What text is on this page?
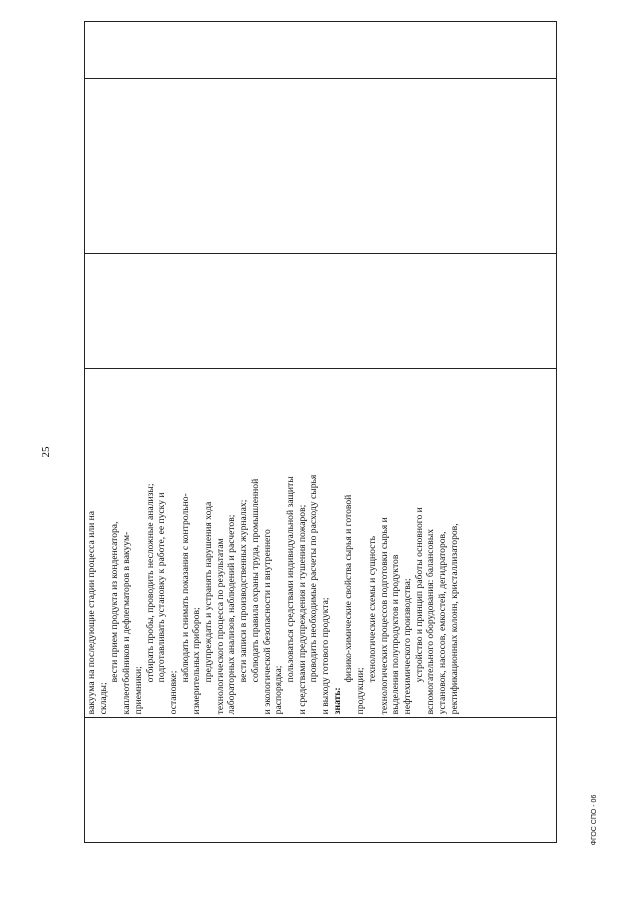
25

вакуума на последующие стадии процесса или на склады;

вести прием продукта из конденсатора, каплеотбойников и дефлегматоров в вакуум- приемники;

отбирать пробы, проводить несложные анализы; подготавливать установку к работе, ее пуску и

остановке;

наблюдать и снимать показания с контрольно- измерительных приборов; предупреждать и устранять нарушения хода технологического процесса по результатам лабораторных анализов, наблюдений и расчетов; вести записи в производственных журналах; соблюдать правила охраны труда, промышленной и экологической безопасности и внутреннего распорядка;

пользоваться средствами индивидуальной защиты и средствами предупреждения и тушения пожаров; проводить необходимые расчеты по расходу сырья и выходу готового продукта; знать:

физико-химические свойства сырья и готовой

продукции;

технологические схемы и сущность технологических процессов подготовки сырья и выделения полупродуктов и продуктов нефтехимического производства; устройство и принцип работы основного и вспомогательного оборудования: балансовых установок, насосов, емкостей, дегидраторов, ректификационных колонн, кристаллизаторов,

ФГОС СПО - 06
